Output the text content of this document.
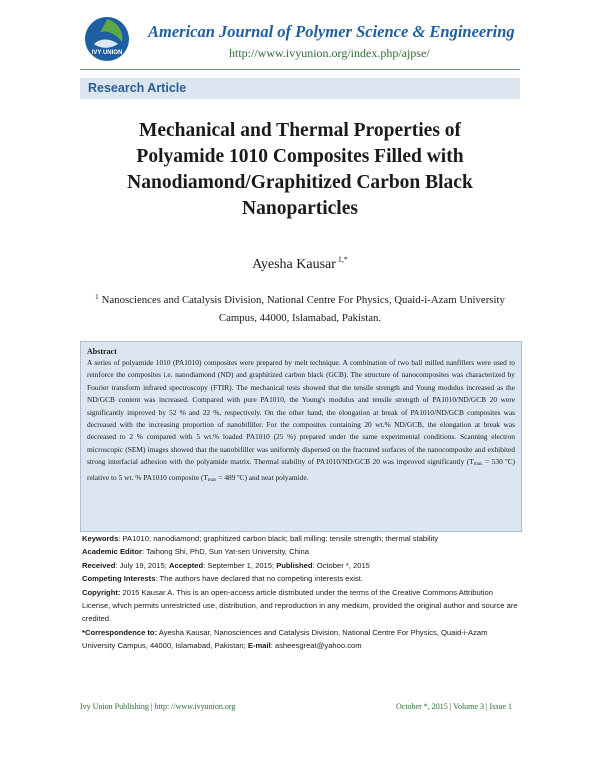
IVY UNION
American Journal of Polymer Science & Engineering
http://www.ivyunion.org/index.php/ajpse/
Research Article
Mechanical and Thermal Properties of
Polyamide 1010 Composites Filled with
Nanodiamond/Graphitized Carbon Black
Nanoparticles
Ayesha Kausar $^{1,*}$
$^1$ Nanosciences and Catalysis Division, National Centre For Physics, Quaid-i-Azam University
Campus, 44000, Islamabad, Pakistan.
Abstract
A series of polyamide 1010 (PA1010) composites were prepared by melt technique. A combination of two ball milled nanfillers were used to reinforce the composites i.e. nanodiamond (ND) and graphitized carbon black (GCB). The structure of nanocomposites was characterized by Fourier transform infrared spectroscopy (FTIR). The mechanical tests showed that the tensile strength and Young modulus increased as the ND/GCB content was increased. Compared with pure PA1010, the Young's modulus and tensile strength of PA1010/ND/GCB 20 were significantly improved by 52 % and 22 %, respectively. On the other hand, the elongation at break of PA1010/ND/GCB composites was decreased with the increasing proportion of nanobifiller. For the composites containing 20 wt.% ND/GCB, the elongation at break was decreased to 2 % compared with 5 wt.% loaded PA1010 (25 %) prepared under the same experimental conditions. Scanning electron microscopic (SEM) images showed that the nanobifiller was uniformly dispersed on the fractured surfaces of the nanocomposite and exhibited strong interfacial adhesion with the polyamide matrix. Thermal stability of PA1010/ND/GCB 20 was improved significantly ($T_{max} = 530$ ºC) relative to 5 wt. % PA1010 composite ($T_{max} = 489$ ºC) and neat polyamide.
Keywords: PA1010; nanodiamond; graphitized carbon black; ball milling; tensile strength; thermal stability
Academic Editor: Taihong Shi, PhD, Sun Yat-sen University, China
Received: July 19, 2015; Accepted: September 1, 2015; Published: October *, 2015
Competing Interests: The authors have declared that no competing interests exist.
Copyright: 2015 Kausar A. This is an open-access article distributed under the terms of the Creative Commons Attribution License, which permits unrestricted use, distribution, and reproduction in any medium, provided the original author and source are credited.
*Correspondence to: Ayesha Kausar, Nanosciences and Catalysis Division, National Centre For Physics, Quaid-i-Azam University Campus, 44000, Islamabad, Pakistan; E-mail: asheesgreat@yahoo.com
Ivy Union Publishing | http: //www.ivyunion.org	October *, 2015 | Volume 3 | Issue 1
